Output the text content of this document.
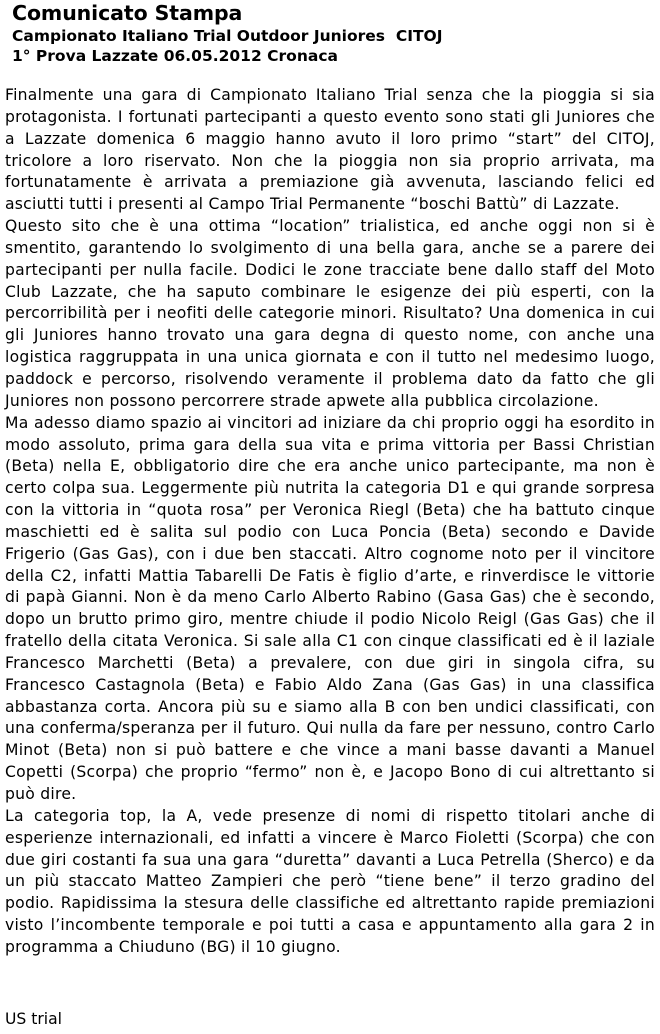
Comunicato Stampa
Campionato Italiano Trial Outdoor Juniores  CITOJ
1° Prova Lazzate 06.05.2012 Cronaca

Finalmente una gara di Campionato Italiano Trial senza che la pioggia si sia protagonista. I fortunati partecipanti a questo evento sono stati gli Juniores che a Lazzate domenica 6 maggio hanno avuto il loro primo “start” del CITOJ, tricolore a loro riservato. Non che la pioggia non sia proprio arrivata, ma fortunatamente è arrivata a premiazione già avvenuta, lasciando felici ed asciutti tutti i presenti al Campo Trial Permanente “boschi Battù” di Lazzate.

Questo sito che è una ottima “location” trialistica, ed anche oggi non si è smentito, garantendo lo svolgimento di una bella gara, anche se a parere dei partecipanti per nulla facile. Dodici le zone tracciate bene dallo staff del Moto Club Lazzate, che ha saputo combinare le esigenze dei più esperti, con la percorribilità per i neofiti delle categorie minori. Risultato? Una domenica in cui gli Juniores hanno trovato una gara degna di questo nome, con anche una logistica raggruppata in una unica giornata e con il tutto nel medesimo luogo, paddock e percorso, risolvendo veramente il problema dato da fatto che gli Juniores non possono percorrere strade apwete alla pubblica circolazione.

Ma adesso diamo spazio ai vincitori ad iniziare da chi proprio oggi ha esordito in modo assoluto, prima gara della sua vita e prima vittoria per Bassi Christian (Beta) nella E, obbligatorio dire che era anche unico partecipante, ma non è certo colpa sua. Leggermente più nutrita la categoria D1 e qui grande sorpresa con la vittoria in “quota rosa” per Veronica Riegl (Beta) che ha battuto cinque maschietti ed è salita sul podio con Luca Poncia (Beta) secondo e Davide Frigerio (Gas Gas), con i due ben staccati. Altro cognome noto per il vincitore della C2, infatti Mattia Tabarelli De Fatis è figlio d’arte, e rinverdisce le vittorie di papà Gianni. Non è da meno Carlo Alberto Rabino (Gasa Gas) che è secondo, dopo un brutto primo giro, mentre chiude il podio Nicolo Reigl (Gas Gas) che il fratello della citata Veronica. Si sale alla C1 con cinque classificati ed è il laziale Francesco Marchetti (Beta) a prevalere, con due giri in singola cifra, su Francesco Castagnola (Beta) e Fabio Aldo Zana (Gas Gas) in una classifica abbastanza corta. Ancora più su e siamo alla B con ben undici classificati, con una conferma/speranza per il futuro. Qui nulla da fare per nessuno, contro Carlo Minot (Beta) non si può battere e che vince a mani basse davanti a Manuel Copetti (Scorpa) che proprio “fermo” non è, e Jacopo Bono di cui altrettanto si può dire.

La categoria top, la A, vede presenze di nomi di rispetto titolari anche di esperienze internazionali, ed infatti a vincere è Marco Fioletti (Scorpa) che con due giri costanti fa sua una gara “duretta” davanti a Luca Petrella (Sherco) e da un più staccato Matteo Zampieri che però “tiene bene” il terzo gradino del podio. Rapidissima la stesura delle classifiche ed altrettanto rapide premiazioni visto l’incombente temporale e poi tutti a casa e appuntamento alla gara 2 in programma a Chiuduno (BG) il 10 giugno.

US trial
